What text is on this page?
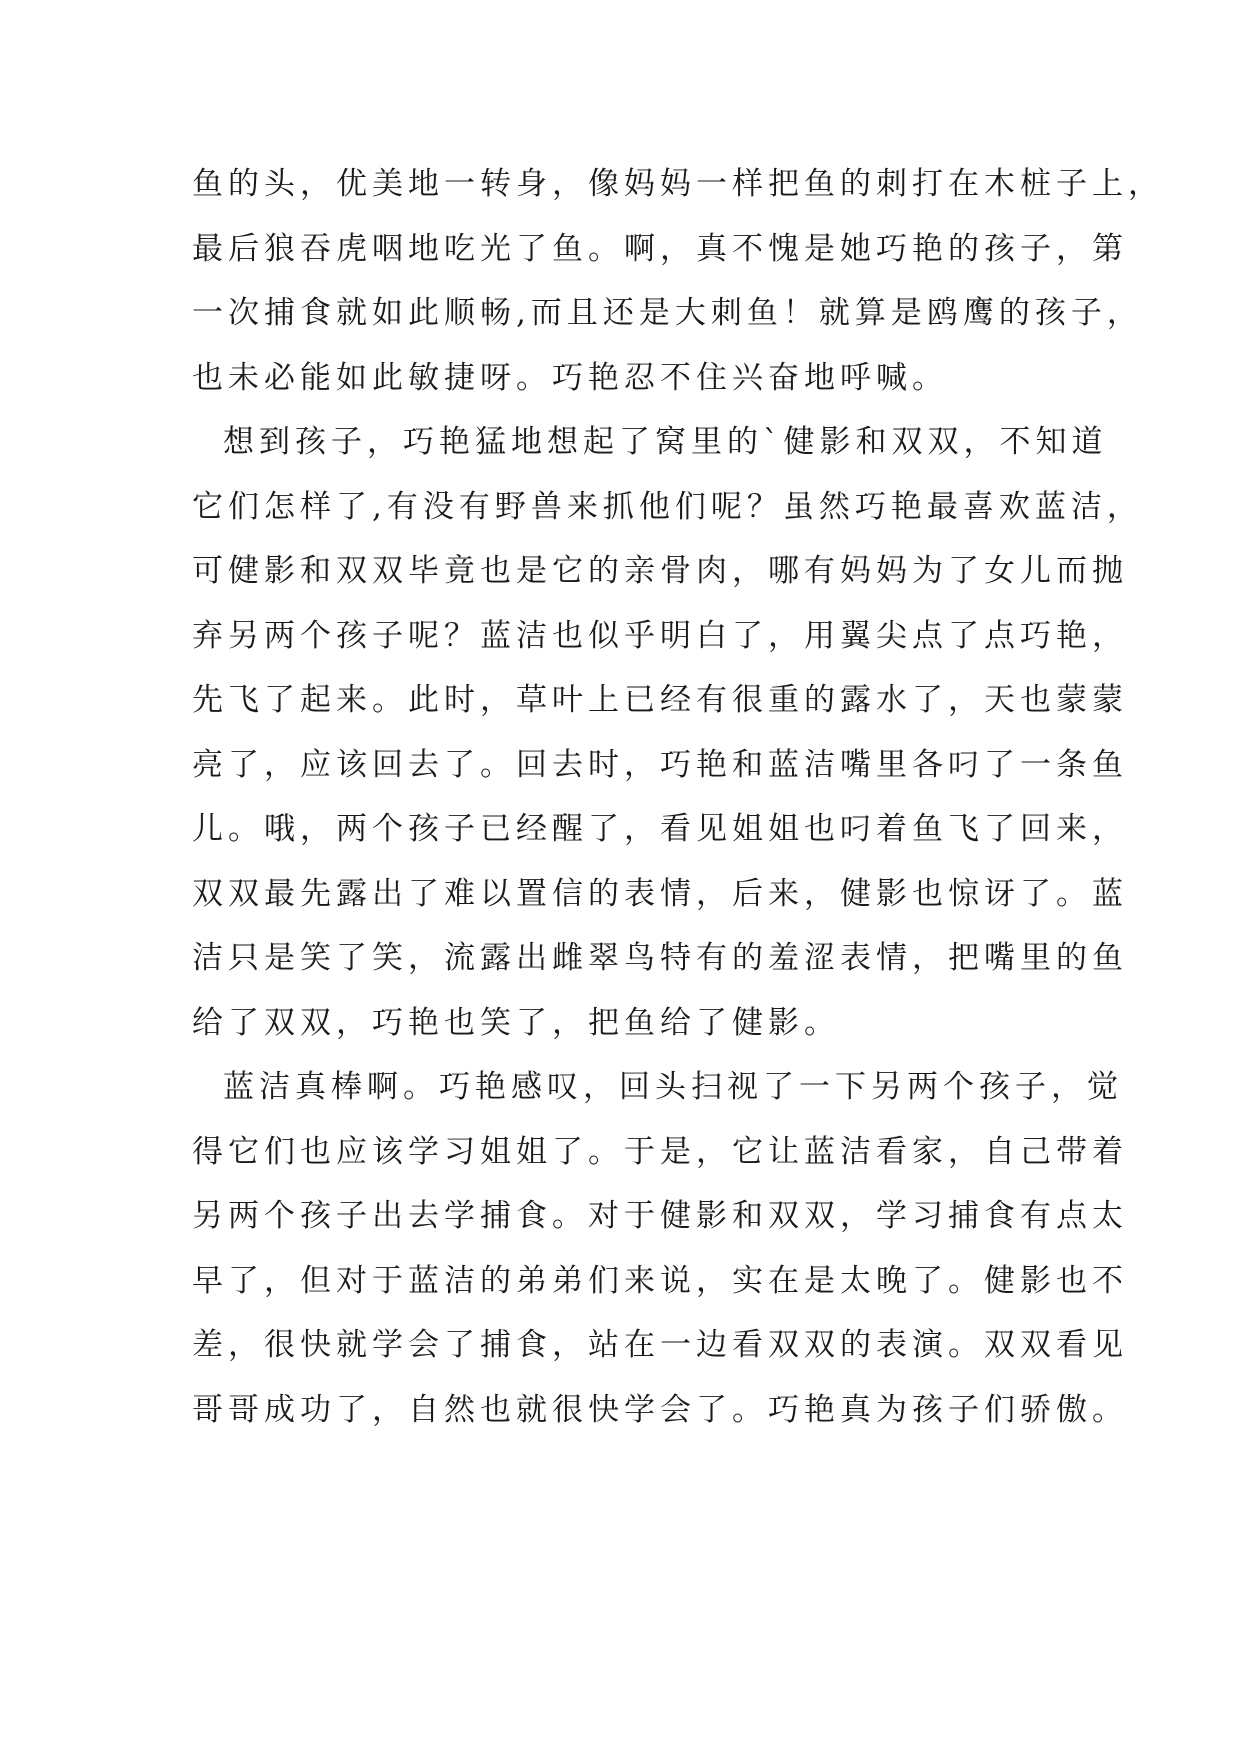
鱼的头，优美地一转身，像妈妈一样把鱼的刺打在木桩子上，
最后狼吞虎咽地吃光了鱼。啊，真不愧是她巧艳的孩子，第
一次捕食就如此顺畅,而且还是大刺鱼！就算是鸥鹰的孩子，
也未必能如此敏捷呀。巧艳忍不住兴奋地呼喊。
想到孩子，巧艳猛地想起了窝里的`健影和双双，不知道
它们怎样了,有没有野兽来抓他们呢？虽然巧艳最喜欢蓝洁，
可健影和双双毕竟也是它的亲骨肉，哪有妈妈为了女儿而抛
弃另两个孩子呢？蓝洁也似乎明白了，用翼尖点了点巧艳，
先飞了起来。此时，草叶上已经有很重的露水了，天也蒙蒙
亮了，应该回去了。回去时，巧艳和蓝洁嘴里各叼了一条鱼
儿。哦，两个孩子已经醒了，看见姐姐也叼着鱼飞了回来，
双双最先露出了难以置信的表情，后来，健影也惊讶了。蓝
洁只是笑了笑，流露出雌翠鸟特有的羞涩表情，把嘴里的鱼
给了双双，巧艳也笑了，把鱼给了健影。
蓝洁真棒啊。巧艳感叹，回头扫视了一下另两个孩子，觉
得它们也应该学习姐姐了。于是，它让蓝洁看家，自己带着
另两个孩子出去学捕食。对于健影和双双，学习捕食有点太
早了，但对于蓝洁的弟弟们来说，实在是太晚了。健影也不
差，很快就学会了捕食，站在一边看双双的表演。双双看见
哥哥成功了，自然也就很快学会了。巧艳真为孩子们骄傲。
